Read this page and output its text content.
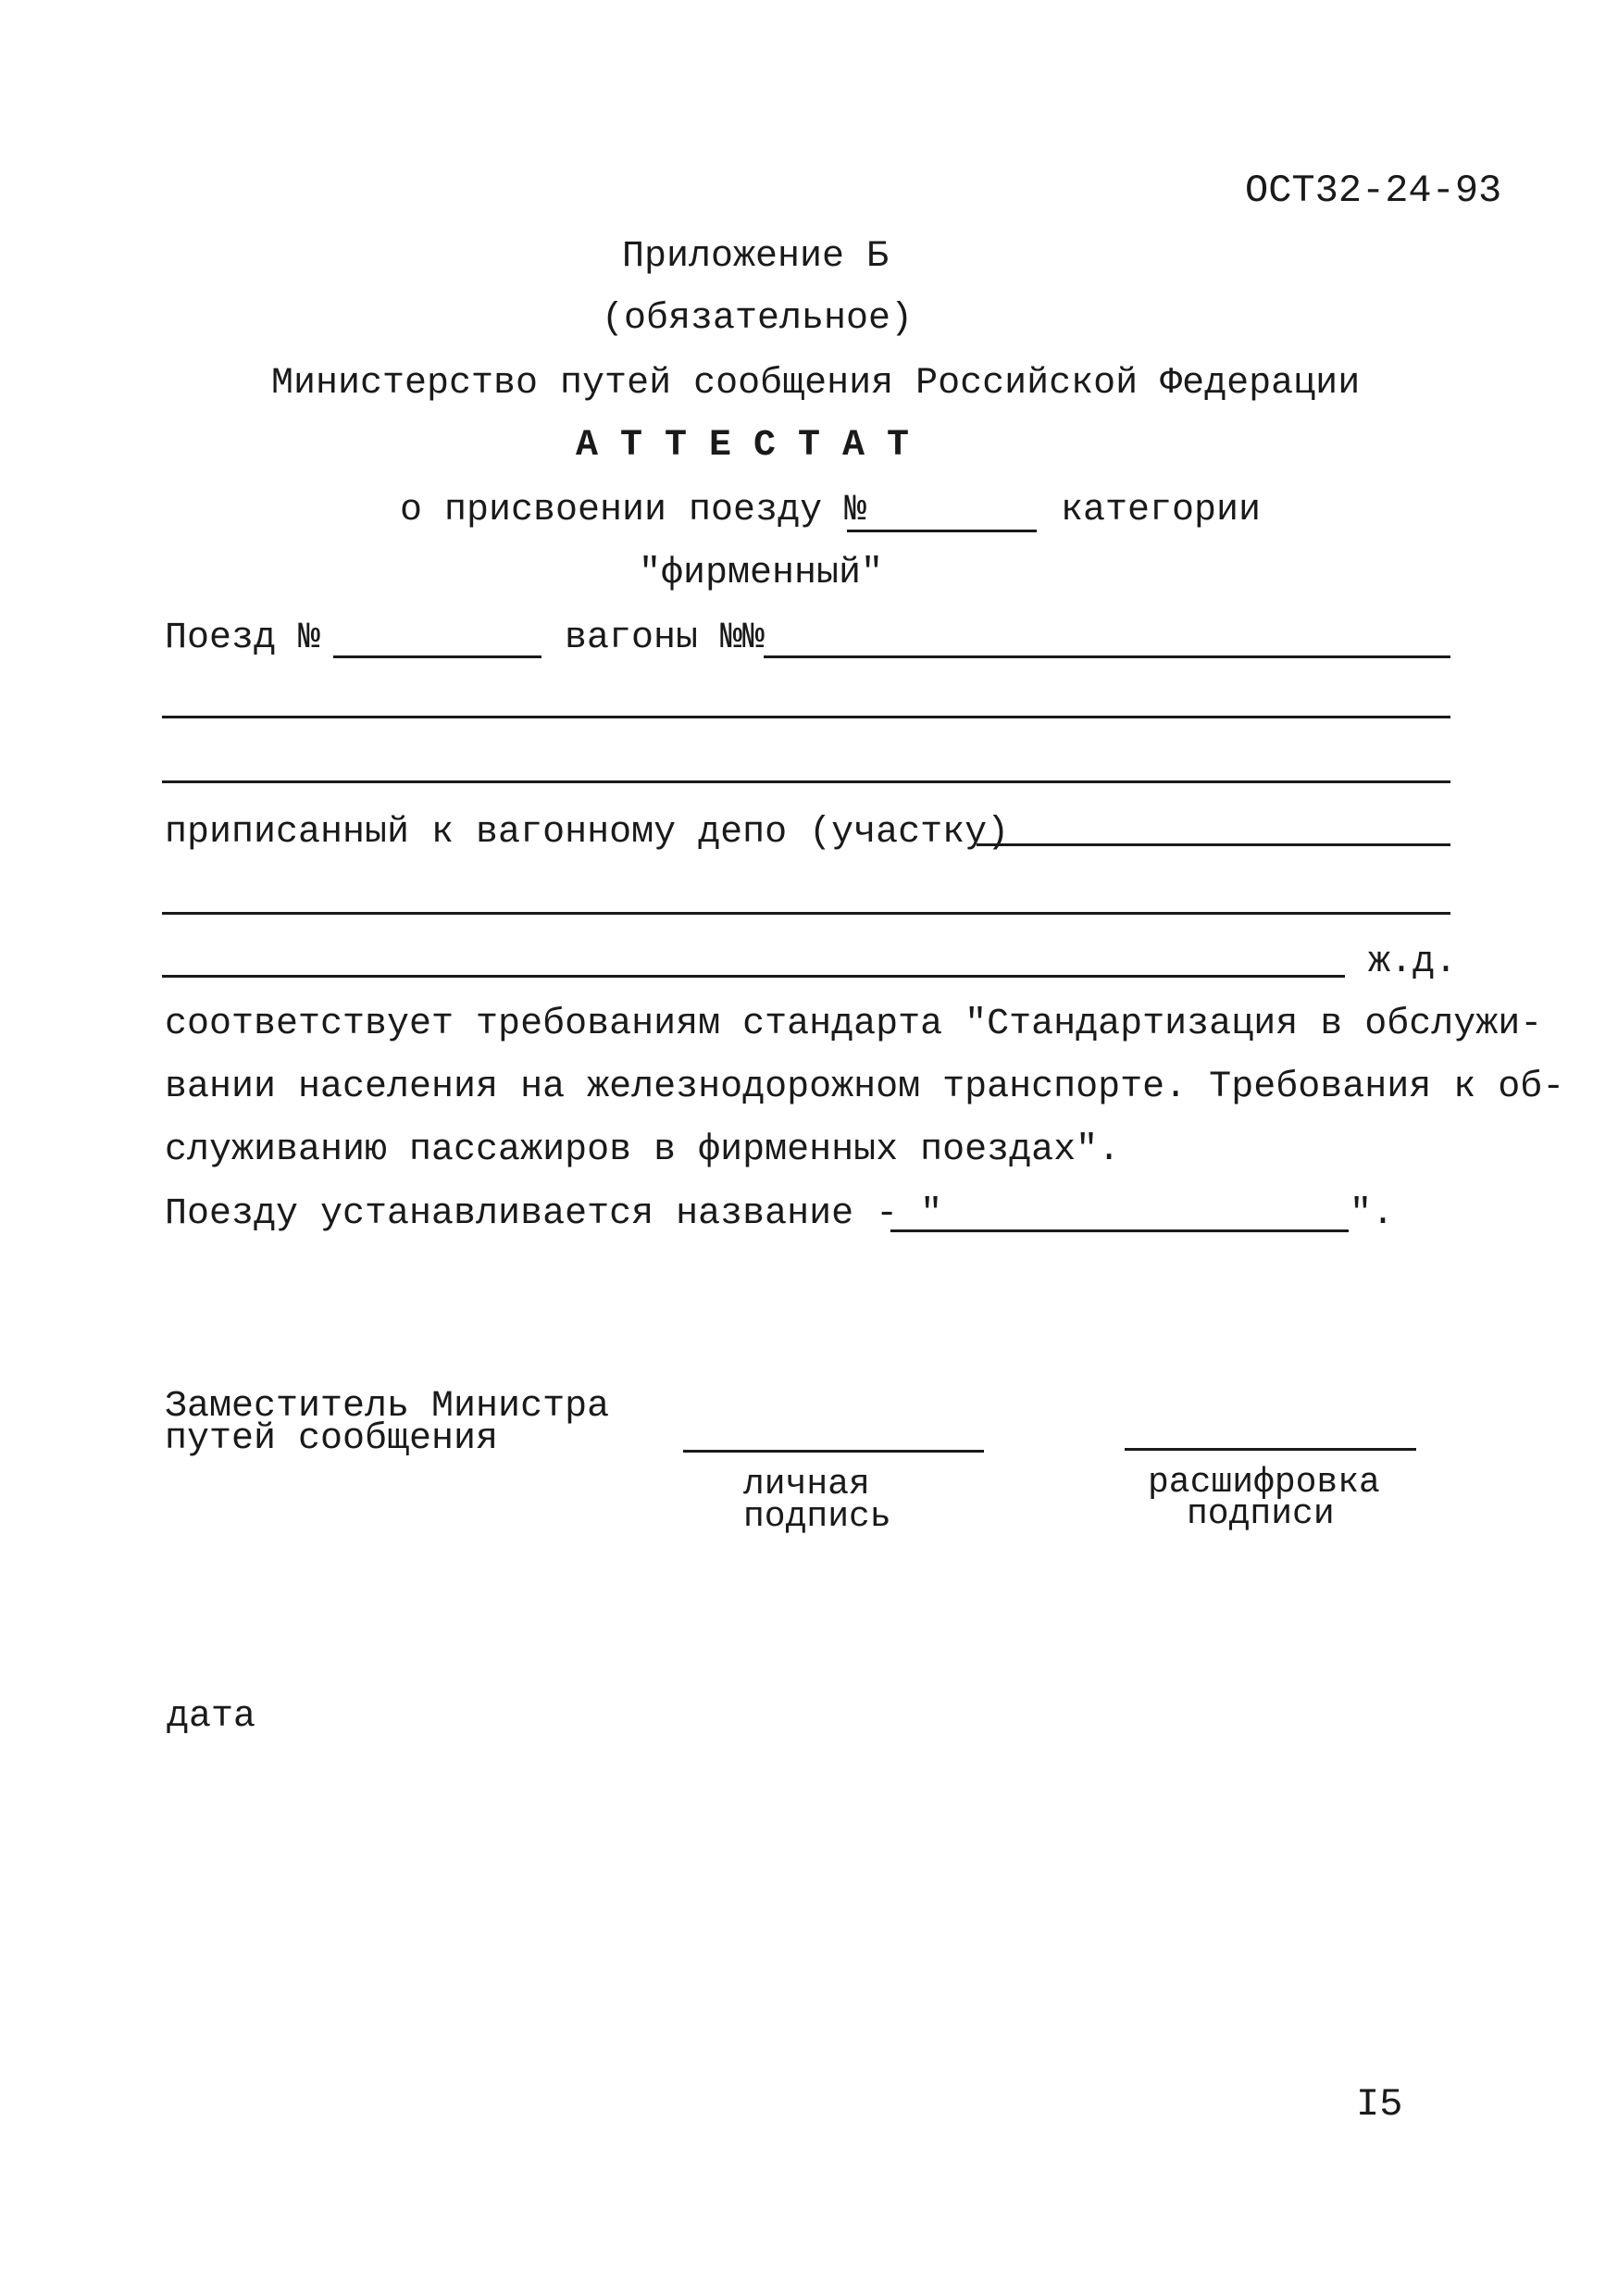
ОСТ32-24-93
Приложение Б
(обязательное)
Министерство путей сообщения Российской Федерации
А Т Т Е С Т А Т
о присвоении поезду №	категории
"фирменный"
Поезд №	вагоны №№
приписанный к вагонному депо (участку)
ж.д.
соответствует требованиям стандарта "Стандартизация в обслужи-
вании населения на железнодорожном транспорте. Требования к об-
служиванию пассажиров в фирменных поездах".
Поезду устанавливается название - "	".
Заместитель Министра
путей сообщения
личная
подпись
расшифровка
подписи
дата
I5
